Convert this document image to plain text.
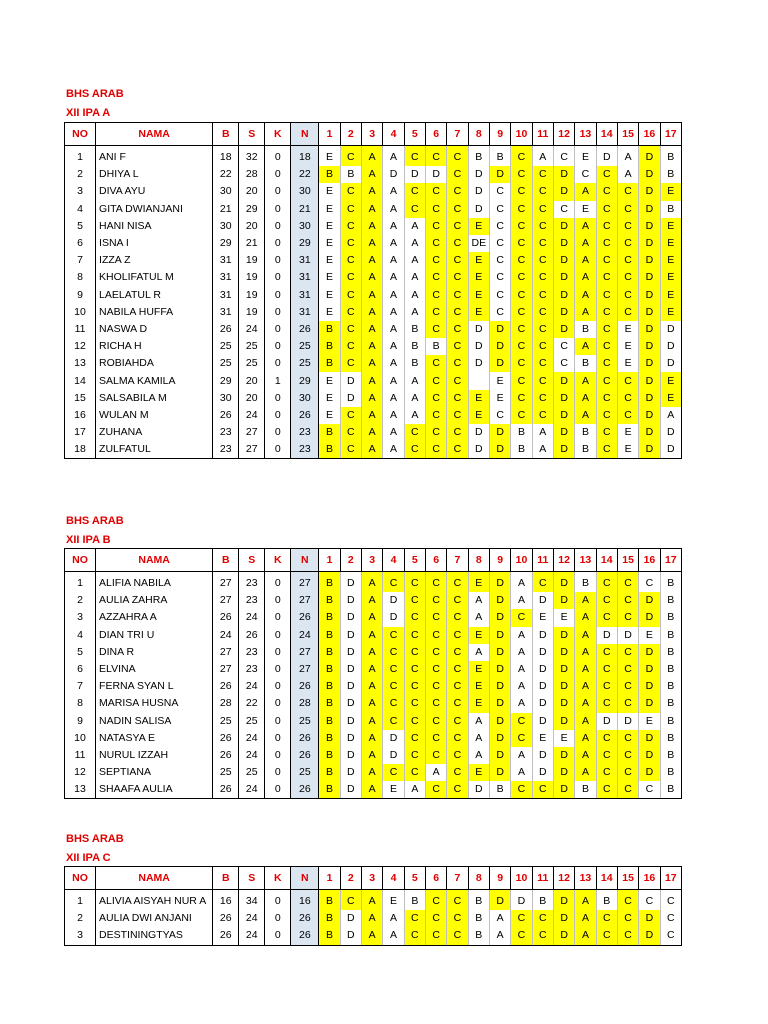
BHS ARAB
XII IPA A
NO	NAMA	B	S	K	N	1	2	3	4	5	6	7	8	9	10	11	12	13	14	15	16	17
1	ANI F	18	32	0	18	E	C	A	A	C	C	C	B	B	C	A	C	E	D	A	D	B
2	DHIYA L	22	28	0	22	B	B	A	D	D	D	C	D	D	C	C	D	C	C	A	D	B
3	DIVA AYU	30	20	0	30	E	C	A	A	C	C	C	D	C	C	C	D	A	C	C	D	E
4	GITA DWIANJANI	21	29	0	21	E	C	A	A	C	C	C	D	C	C	C	C	E	C	C	D	B
5	HANI NISA	30	20	0	30	E	C	A	A	A	C	C	E	C	C	C	D	A	C	C	D	E
6	ISNA I	29	21	0	29	E	C	A	A	A	C	C	DE	C	C	C	D	A	C	C	D	E
7	IZZA Z	31	19	0	31	E	C	A	A	A	C	C	E	C	C	C	D	A	C	C	D	E
8	KHOLIFATUL M	31	19	0	31	E	C	A	A	A	C	C	E	C	C	C	D	A	C	C	D	E
9	LAELATUL R	31	19	0	31	E	C	A	A	A	C	C	E	C	C	C	D	A	C	C	D	E
10	NABILA HUFFA	31	19	0	31	E	C	A	A	A	C	C	E	C	C	C	D	A	C	C	D	E
11	NASWA D	26	24	0	26	B	C	A	A	B	C	C	D	D	C	C	D	B	C	E	D	D
12	RICHA H	25	25	0	25	B	C	A	A	B	B	C	D	D	C	C	C	A	C	E	D	D
13	ROBIAHDA	25	25	0	25	B	C	A	A	B	C	C	D	D	C	C	C	B	C	E	D	D
14	SALMA KAMILA	29	20	1	29	E	D	A	A	A	C	C		E	C	C	D	A	C	C	D	E
15	SALSABILA M	30	20	0	30	E	D	A	A	A	C	C	E	E	C	C	D	A	C	C	D	E
16	WULAN M	26	24	0	26	E	C	A	A	A	C	C	E	C	C	C	D	A	C	C	D	A
17	ZUHANA	23	27	0	23	B	C	A	A	C	C	C	D	D	B	A	D	B	C	E	D	D
18	ZULFATUL	23	27	0	23	B	C	A	A	C	C	C	D	D	B	A	D	B	C	E	D	D
BHS ARAB
XII IPA B
NO	NAMA	B	S	K	N	1	2	3	4	5	6	7	8	9	10	11	12	13	14	15	16	17
1	ALIFIA NABILA	27	23	0	27	B	D	A	C	C	C	C	E	D	A	C	D	B	C	C	C	B
2	AULIA ZAHRA	27	23	0	27	B	D	A	D	C	C	C	A	D	A	D	D	A	C	C	D	B
3	AZZAHRA A	26	24	0	26	B	D	A	D	C	C	C	A	D	C	E	E	A	C	C	D	B
4	DIAN TRI U	24	26	0	24	B	D	A	C	C	C	C	E	D	A	D	D	A	D	D	E	B
5	DINA R	27	23	0	27	B	D	A	C	C	C	C	A	D	A	D	D	A	C	C	D	B
6	ELVINA	27	23	0	27	B	D	A	C	C	C	C	E	D	A	D	D	A	C	C	D	B
7	FERNA SYAN L	26	24	0	26	B	D	A	C	C	C	C	E	D	A	D	D	A	C	C	D	B
8	MARISA HUSNA	28	22	0	28	B	D	A	C	C	C	C	E	D	A	D	D	A	C	C	D	B
9	NADIN SALISA	25	25	0	25	B	D	A	C	C	C	C	A	D	C	D	D	A	D	D	E	B
10	NATASYA E	26	24	0	26	B	D	A	D	C	C	C	A	D	C	E	E	A	C	C	D	B
11	NURUL IZZAH	26	24	0	26	B	D	A	D	C	C	C	A	D	A	D	D	A	C	C	D	B
12	SEPTIANA	25	25	0	25	B	D	A	C	C	A	C	E	D	A	D	D	A	C	C	D	B
13	SHAAFA AULIA	26	24	0	26	B	D	A	E	A	C	C	D	B	C	C	D	B	C	C	C	B
BHS ARAB
XII IPA C
NO	NAMA	B	S	K	N	1	2	3	4	5	6	7	8	9	10	11	12	13	14	15	16	17
1	ALIVIA AISYAH NUR A	16	34	0	16	B	C	A	E	B	C	C	B	D	D	B	D	A	B	C	C	C
2	AULIA DWI ANJANI	26	24	0	26	B	D	A	A	C	C	C	B	A	C	C	D	A	C	C	D	C
3	DESTININGTYAS	26	24	0	26	B	D	A	A	C	C	C	B	A	C	C	D	A	C	C	D	C
